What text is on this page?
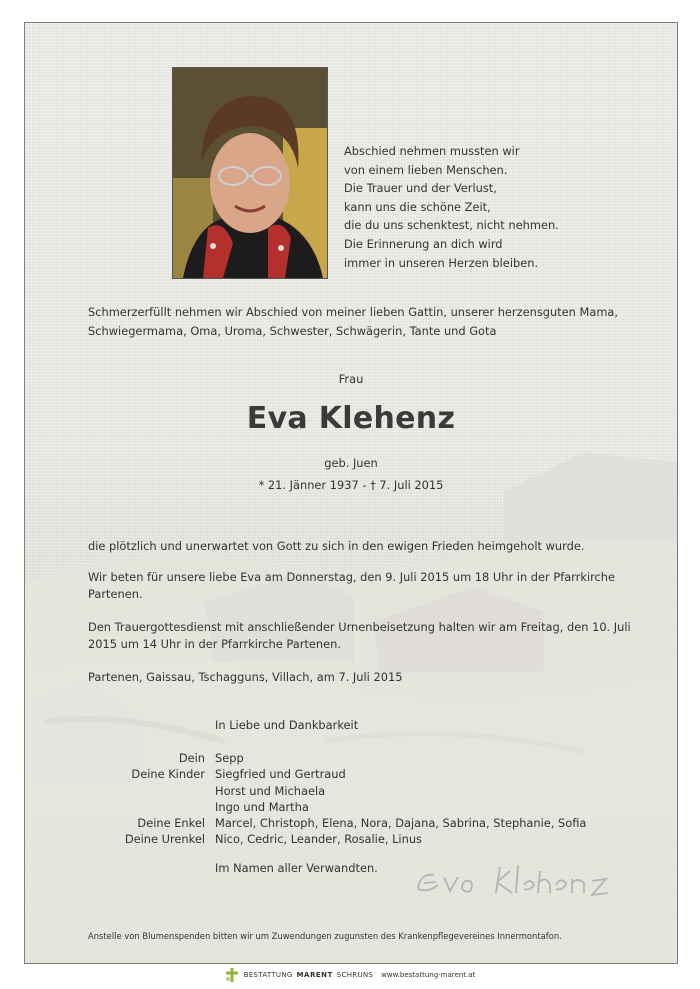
Abschied nehmen mussten wir
von einem lieben Menschen.
Die Trauer und der Verlust,
kann uns die schöne Zeit,
die du uns schenktest, nicht nehmen.
Die Erinnerung an dich wird
immer in unseren Herzen bleiben.
Schmerzerfüllt nehmen wir Abschied von meiner lieben Gattin, unserer herzensguten Mama, Schwiegermama, Oma, Uroma, Schwester, Schwägerin, Tante und Gota
Frau
Eva Klehenz
geb. Juen
* 21. Jänner 1937 - † 7. Juli 2015
die plötzlich und unerwartet von Gott zu sich in den ewigen Frieden heimgeholt wurde.
Wir beten für unsere liebe Eva am Donnerstag, den 9. Juli 2015 um 18 Uhr in der Pfarrkirche Partenen.
Den Trauergottesdienst mit anschließender Urnenbeisetzung halten wir am Freitag, den 10. Juli 2015 um 14 Uhr in der Pfarrkirche Partenen.
Partenen, Gaissau, Tschagguns, Villach, am 7. Juli 2015
In Liebe und Dankbarkeit
Dein Sepp
Deine Kinder Siegfried und Gertraud
Horst und Michaela
Ingo und Martha
Deine Enkel Marcel, Christoph, Elena, Nora, Dajana, Sabrina, Stephanie, Sofia
Deine Urenkel Nico, Cedric, Leander, Rosalie, Linus
Im Namen aller Verwandten.
Anstelle von Blumenspenden bitten wir um Zuwendungen zugunsten des Krankenpflegevereines Innermontafon.
BESTATTUNG MARENT SCHRUNS www.bestattung-marent.at
